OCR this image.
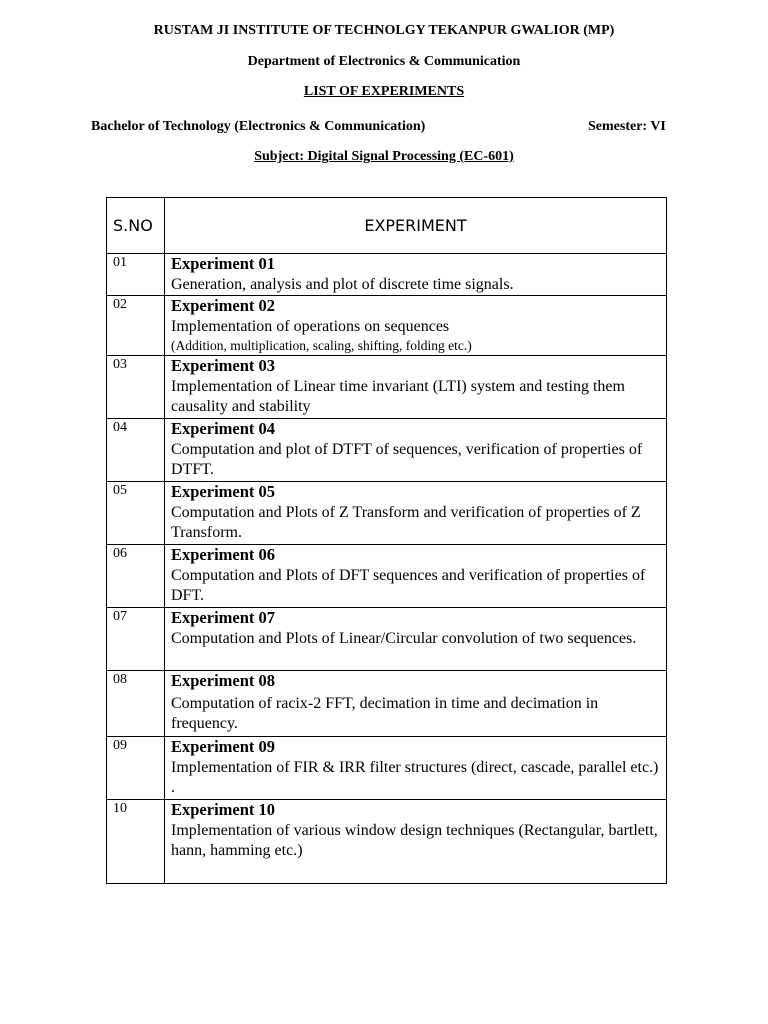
RUSTAM JI INSTITUTE OF TECHNOLGY TEKANPUR GWALIOR (MP)
Department of Electronics & Communication
LIST OF EXPERIMENTS
Bachelor of Technology (Electronics & Communication)	Semester: VI
Subject: Digital Signal Processing (EC-601)
S.NO	EXPERIMENT
01	Experiment 01
Generation, analysis and plot of discrete time signals.

02	Experiment 02
Implementation of operations on sequences
(Addition, multiplication, scaling, shifting, folding etc.)

03	Experiment 03
Implementation of Linear time invariant (LTI) system and testing them causality and stability

04	Experiment 04
Computation and plot of DTFT of sequences, verification of properties of DTFT.

05	Experiment 05
Computation and Plots of Z Transform and verification of properties of Z Transform.

06	Experiment 06
Computation and Plots of DFT sequences and verification of properties of DFT.

07	Experiment 07
Computation and Plots of Linear/Circular convolution of two sequences.

08	Experiment 08
Computation of racix-2 FFT, decimation in time and decimation in frequency.

09	Experiment 09
Implementation of FIR & IRR filter structures (direct, cascade, parallel etc.) .

10	Experiment 10
Implementation of various window design techniques (Rectangular, bartlett, hann, hamming etc.)
